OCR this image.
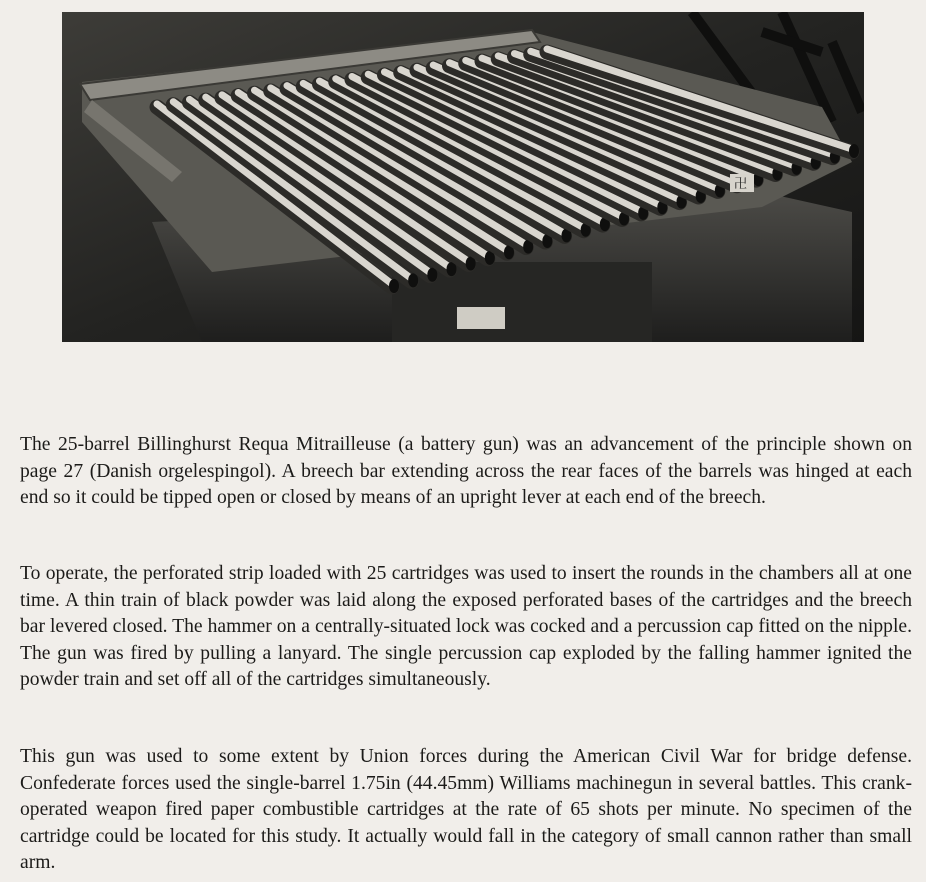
卍

The 25-barrel Billinghurst Requa Mitrailleuse (a battery gun) was an advancement of the principle shown on page 27 (Danish orgelespingol). A breech bar extending across the rear faces of the barrels was hinged at each end so it could be tipped open or closed by means of an upright lever at each end of the breech.

To operate, the perforated strip loaded with 25 cartridges was used to insert the rounds in the chambers all at one time. A thin train of black powder was laid along the exposed perforated bases of the cartridges and the breech bar levered closed. The hammer on a centrally-situated lock was cocked and a percussion cap fitted on the nipple. The gun was fired by pulling a lanyard. The single percussion cap exploded by the falling hammer ignited the powder train and set off all of the cartridges simultaneously.

This gun was used to some extent by Union forces during the American Civil War for bridge defense. Confederate forces used the single-barrel 1.75in (44.45mm) Williams machinegun in several battles. This crank-operated weapon fired paper combustible cartridges at the rate of 65 shots per minute. No specimen of the cartridge could be located for this study. It actually would fall in the category of small cannon rather than small arm.
